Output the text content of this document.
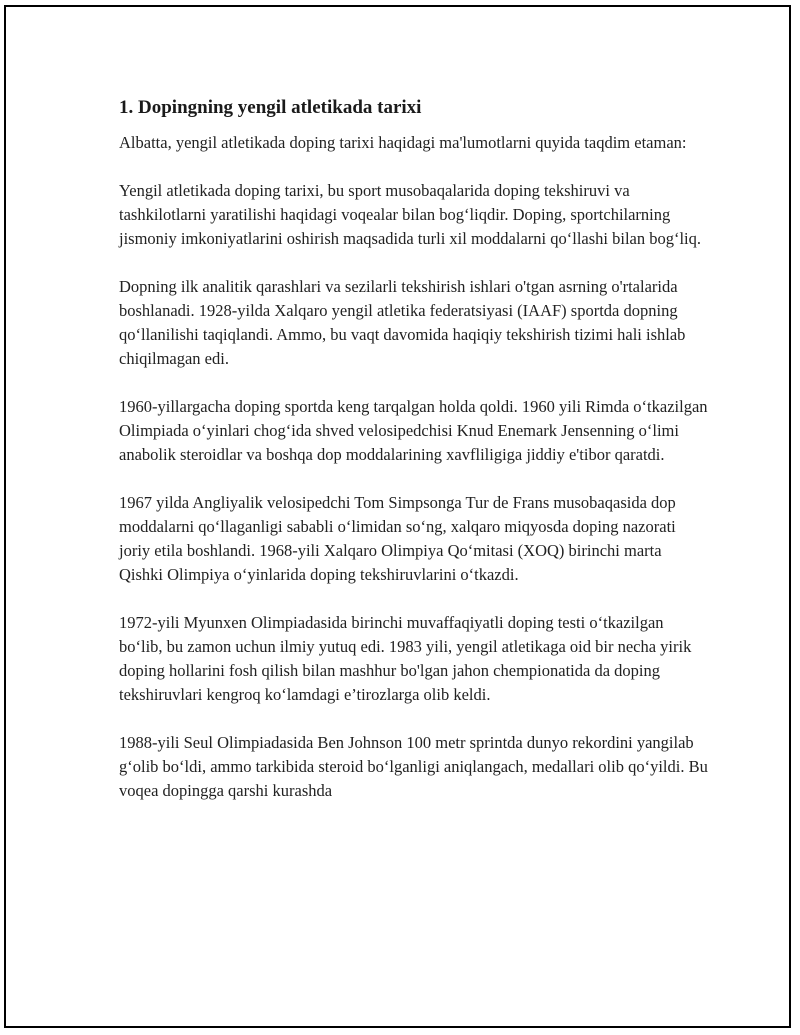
1. Dopingning yengil atletikada tarixi

Albatta, yengil atletikada doping tarixi haqidagi ma'lumotlarni quyida taqdim etaman:

Yengil atletikada doping tarixi, bu sport musobaqalarida doping tekshiruvi va tashkilotlarni yaratilishi haqidagi voqealar bilan bog‘liqdir. Doping, sportchilarning jismoniy imkoniyatlarini oshirish maqsadida turli xil moddalarni qo‘llashi bilan bog‘liq.

Dopning ilk analitik qarashlari va sezilarli tekshirish ishlari o'tgan asrning o'rtalarida boshlanadi. 1928-yilda Xalqaro yengil atletika federatsiyasi (IAAF) sportda dopning qo‘llanilishi taqiqlandi. Ammo, bu vaqt davomida haqiqiy tekshirish tizimi hali ishlab chiqilmagan edi.

1960-yillargacha doping sportda keng tarqalgan holda qoldi. 1960 yili Rimda o‘tkazilgan Olimpiada o‘yinlari chog‘ida shved velosipedchisi Knud Enemark Jensenning o‘limi anabolik steroidlar va boshqa dop moddalarining xavfliligiga jiddiy e'tibor qaratdi.

1967 yilda Angliyalik velosipedchi Tom Simpsonga Tur de Frans musobaqasida dop moddalarni qo‘llaganligi sababli o‘limidan so‘ng, xalqaro miqyosda doping nazorati joriy etila boshlandi. 1968-yili Xalqaro Olimpiya Qo‘mitasi (XOQ) birinchi marta Qishki Olimpiya o‘yinlarida doping tekshiruvlarini o‘tkazdi.

1972-yili Myunxen Olimpiadasida birinchi muvaffaqiyatli doping testi o‘tkazilgan bo‘lib, bu zamon uchun ilmiy yutuq edi. 1983 yili, yengil atletikaga oid bir necha yirik doping hollarini fosh qilish bilan mashhur bo'lgan jahon chempionatida da doping tekshiruvlari kengroq ko‘lamdagi e’tirozlarga olib keldi.

1988-yili Seul Olimpiadasida Ben Johnson 100 metr sprintda dunyo rekordini yangilab g‘olib bo‘ldi, ammo tarkibida steroid bo‘lganligi aniqlangach, medallari olib qo‘yildi. Bu voqea dopingga qarshi kurashda
